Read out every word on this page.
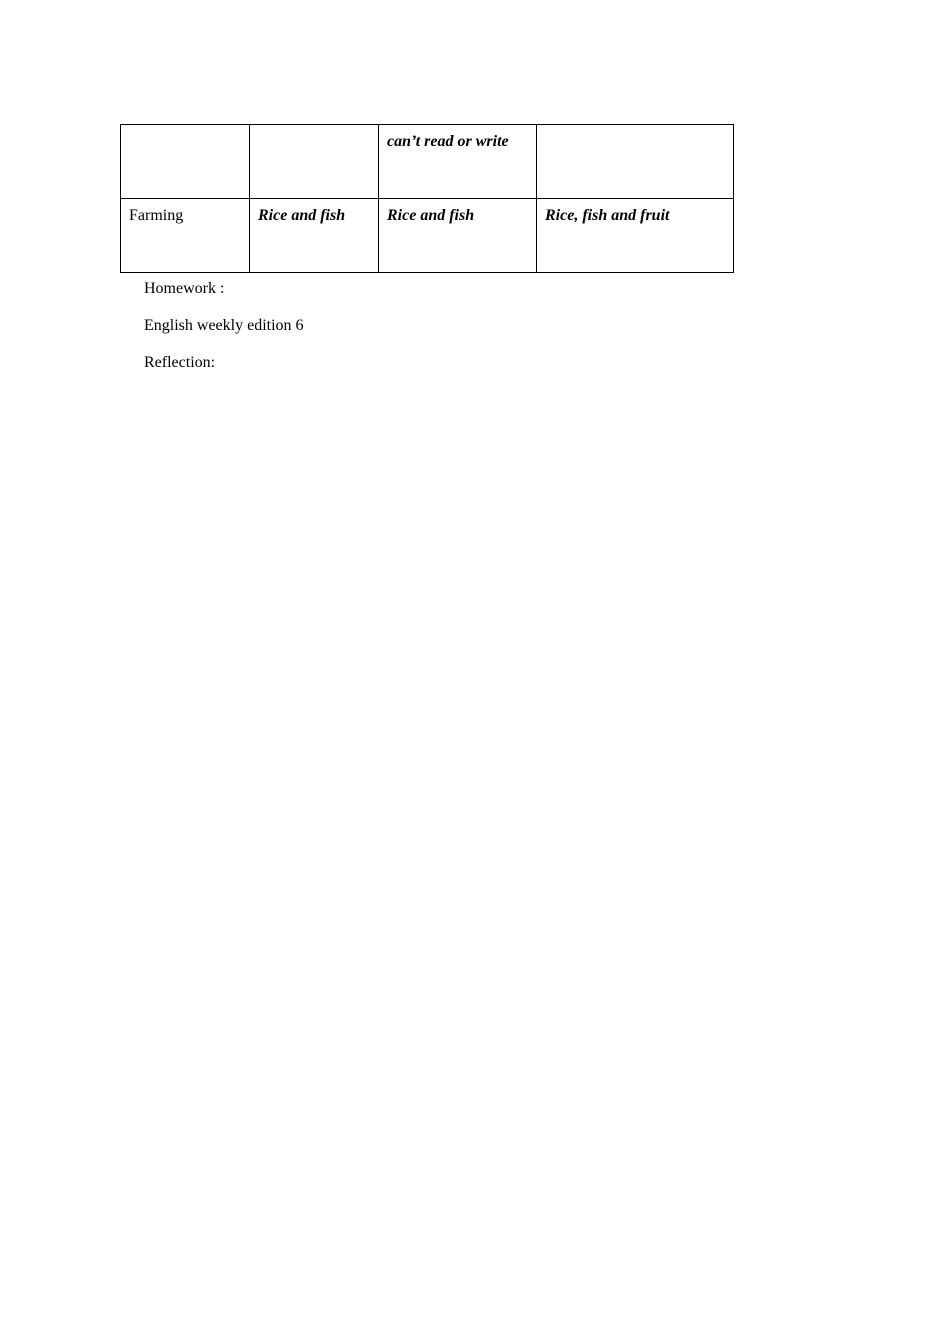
		can’t read or write	
Farming	Rice and fish	Rice and fish	Rice, fish and fruit

Homework :

English weekly edition 6

Reflection:
